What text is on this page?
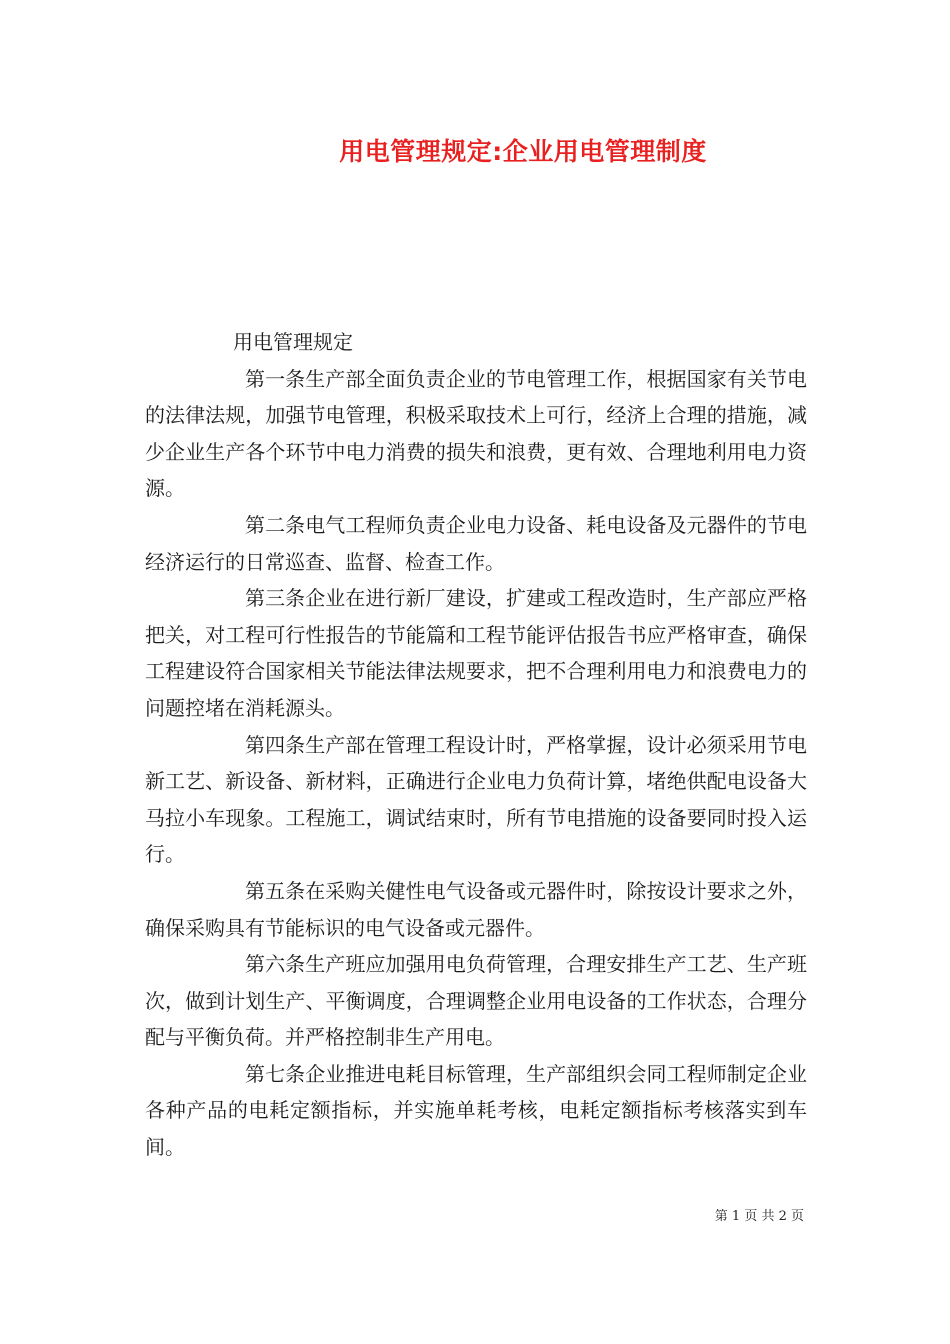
用电管理规定:企业用电管理制度

用电管理规定

第一条生产部全面负责企业的节电管理工作，根据国家有关节电的法律法规，加强节电管理，积极采取技术上可行，经济上合理的措施，减少企业生产各个环节中电力消费的损失和浪费，更有效、合理地利用电力资源。

第二条电气工程师负责企业电力设备、耗电设备及元器件的节电经济运行的日常巡查、监督、检查工作。

第三条企业在进行新厂建设，扩建或工程改造时，生产部应严格把关，对工程可行性报告的节能篇和工程节能评估报告书应严格审查，确保工程建设符合国家相关节能法律法规要求，把不合理利用电力和浪费电力的问题控堵在消耗源头。

第四条生产部在管理工程设计时，严格掌握，设计必须采用节电新工艺、新设备、新材料，正确进行企业电力负荷计算，堵绝供配电设备大马拉小车现象。工程施工，调试结束时，所有节电措施的设备要同时投入运行。

第五条在采购关健性电气设备或元器件时，除按设计要求之外，确保采购具有节能标识的电气设备或元器件。

第六条生产班应加强用电负荷管理，合理安排生产工艺、生产班次，做到计划生产、平衡调度，合理调整企业用电设备的工作状态，合理分配与平衡负荷。并严格控制非生产用电。

第七条企业推进电耗目标管理，生产部组织会同工程师制定企业各种产品的电耗定额指标，并实施单耗考核，电耗定额指标考核落实到车间。

第 1 页 共 2 页
